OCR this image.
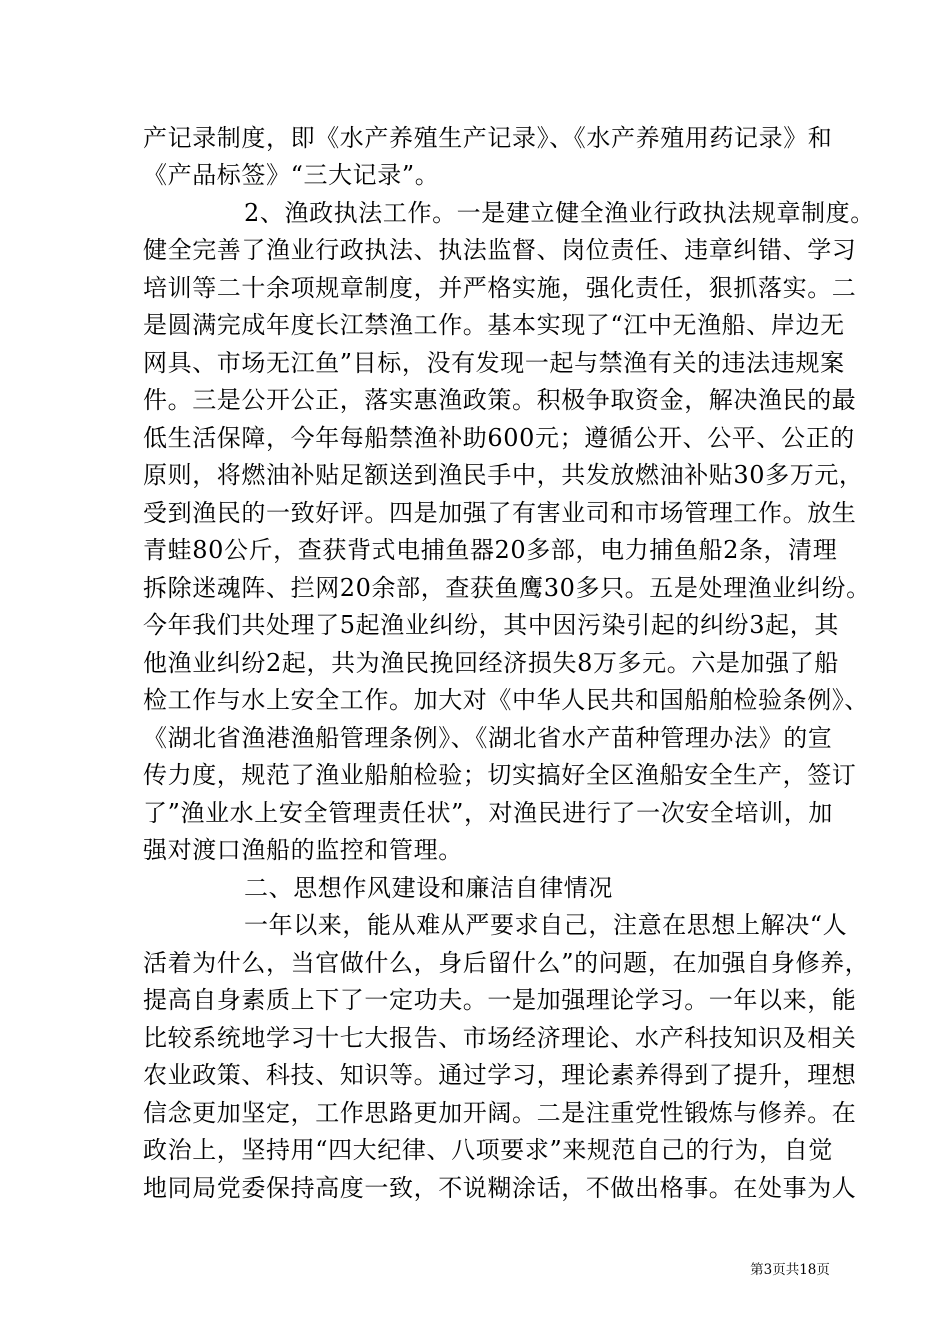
产记录制度，即《水产养殖生产记录》、《水产养殖用药记录》和
《产品标签》“三大记录”。
2、渔政执法工作。一是建立健全渔业行政执法规章制度。
健全完善了渔业行政执法、执法监督、岗位责任、违章纠错、学习
培训等二十余项规章制度，并严格实施，强化责任，狠抓落实。二
是圆满完成年度长江禁渔工作。基本实现了“江中无渔船、岸边无
网具、市场无江鱼”目标，没有发现一起与禁渔有关的违法违规案
件。三是公开公正，落实惠渔政策。积极争取资金，解决渔民的最
低生活保障，今年每船禁渔补助600元；遵循公开、公平、公正的
原则，将燃油补贴足额送到渔民手中，共发放燃油补贴30多万元，
受到渔民的一致好评。四是加强了有害业司和市场管理工作。放生
青蛙80公斤，查获背式电捕鱼器20多部，电力捕鱼船2条，清理
拆除迷魂阵、拦网20余部，查获鱼鹰30多只。五是处理渔业纠纷。
今年我们共处理了5起渔业纠纷，其中因污染引起的纠纷3起，其
他渔业纠纷2起，共为渔民挽回经济损失8万多元。六是加强了船
检工作与水上安全工作。加大对《中华人民共和国船舶检验条例》、
《湖北省渔港渔船管理条例》、《湖北省水产苗种管理办法》的宣
传力度，规范了渔业船舶检验；切实搞好全区渔船安全生产，签订
了”渔业水上安全管理责任状”，对渔民进行了一次安全培训，加
强对渡口渔船的监控和管理。
二、思想作风建设和廉洁自律情况
一年以来，能从难从严要求自己，注意在思想上解决“人
活着为什么，当官做什么，身后留什么”的问题，在加强自身修养，
提高自身素质上下了一定功夫。一是加强理论学习。一年以来，能
比较系统地学习十七大报告、市场经济理论、水产科技知识及相关
农业政策、科技、知识等。通过学习，理论素养得到了提升，理想
信念更加坚定，工作思路更加开阔。二是注重党性锻炼与修养。在
政治上，坚持用“四大纪律、八项要求”来规范自己的行为，自觉
地同局党委保持高度一致，不说糊涂话，不做出格事。在处事为人
第3页共18页
